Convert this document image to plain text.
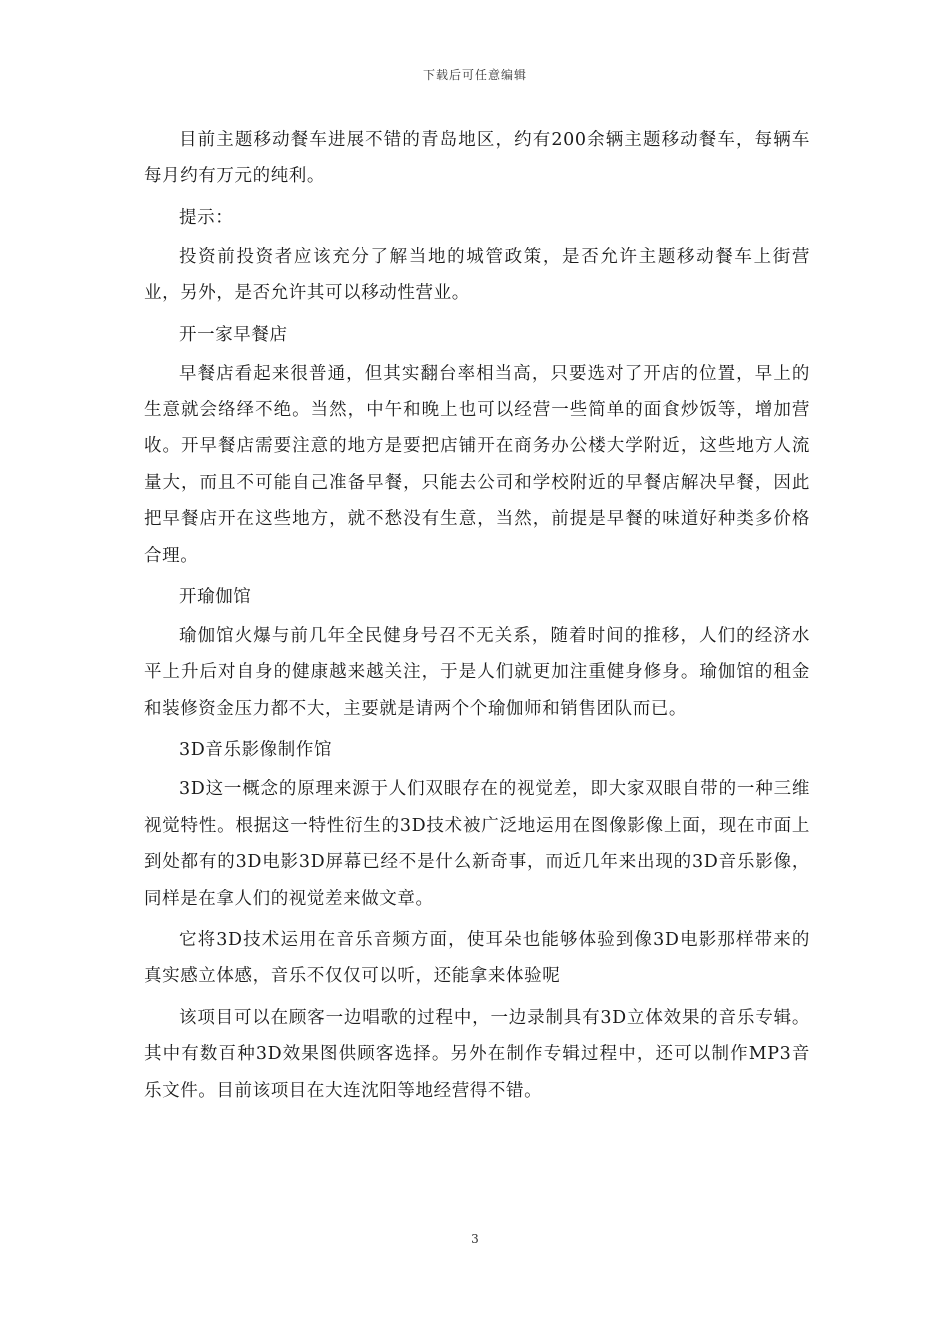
下载后可任意编辑

目前主题移动餐车进展不错的青岛地区，约有200余辆主题移动餐车，每辆车每月约有万元的纯利。

提示：

投资前投资者应该充分了解当地的城管政策，是否允许主题移动餐车上街营业，另外，是否允许其可以移动性营业。

开一家早餐店

早餐店看起来很普通，但其实翻台率相当高，只要选对了开店的位置，早上的生意就会络绎不绝。当然，中午和晚上也可以经营一些简单的面食炒饭等，增加营收。开早餐店需要注意的地方是要把店铺开在商务办公楼大学附近，这些地方人流量大，而且不可能自己准备早餐，只能去公司和学校附近的早餐店解决早餐，因此把早餐店开在这些地方，就不愁没有生意，当然，前提是早餐的味道好种类多价格合理。

开瑜伽馆

瑜伽馆火爆与前几年全民健身号召不无关系，随着时间的推移，人们的经济水平上升后对自身的健康越来越关注，于是人们就更加注重健身修身。瑜伽馆的租金和装修资金压力都不大，主要就是请两个个瑜伽师和销售团队而已。

3D音乐影像制作馆

3D这一概念的原理来源于人们双眼存在的视觉差，即大家双眼自带的一种三维视觉特性。根据这一特性衍生的3D技术被广泛地运用在图像影像上面，现在市面上到处都有的3D电影3D屏幕已经不是什么新奇事，而近几年来出现的3D音乐影像，同样是在拿人们的视觉差来做文章。

它将3D技术运用在音乐音频方面，使耳朵也能够体验到像3D电影那样带来的真实感立体感，音乐不仅仅可以听，还能拿来体验呢

该项目可以在顾客一边唱歌的过程中，一边录制具有3D立体效果的音乐专辑。其中有数百种3D效果图供顾客选择。另外在制作专辑过程中，还可以制作MP3音乐文件。目前该项目在大连沈阳等地经营得不错。

3
